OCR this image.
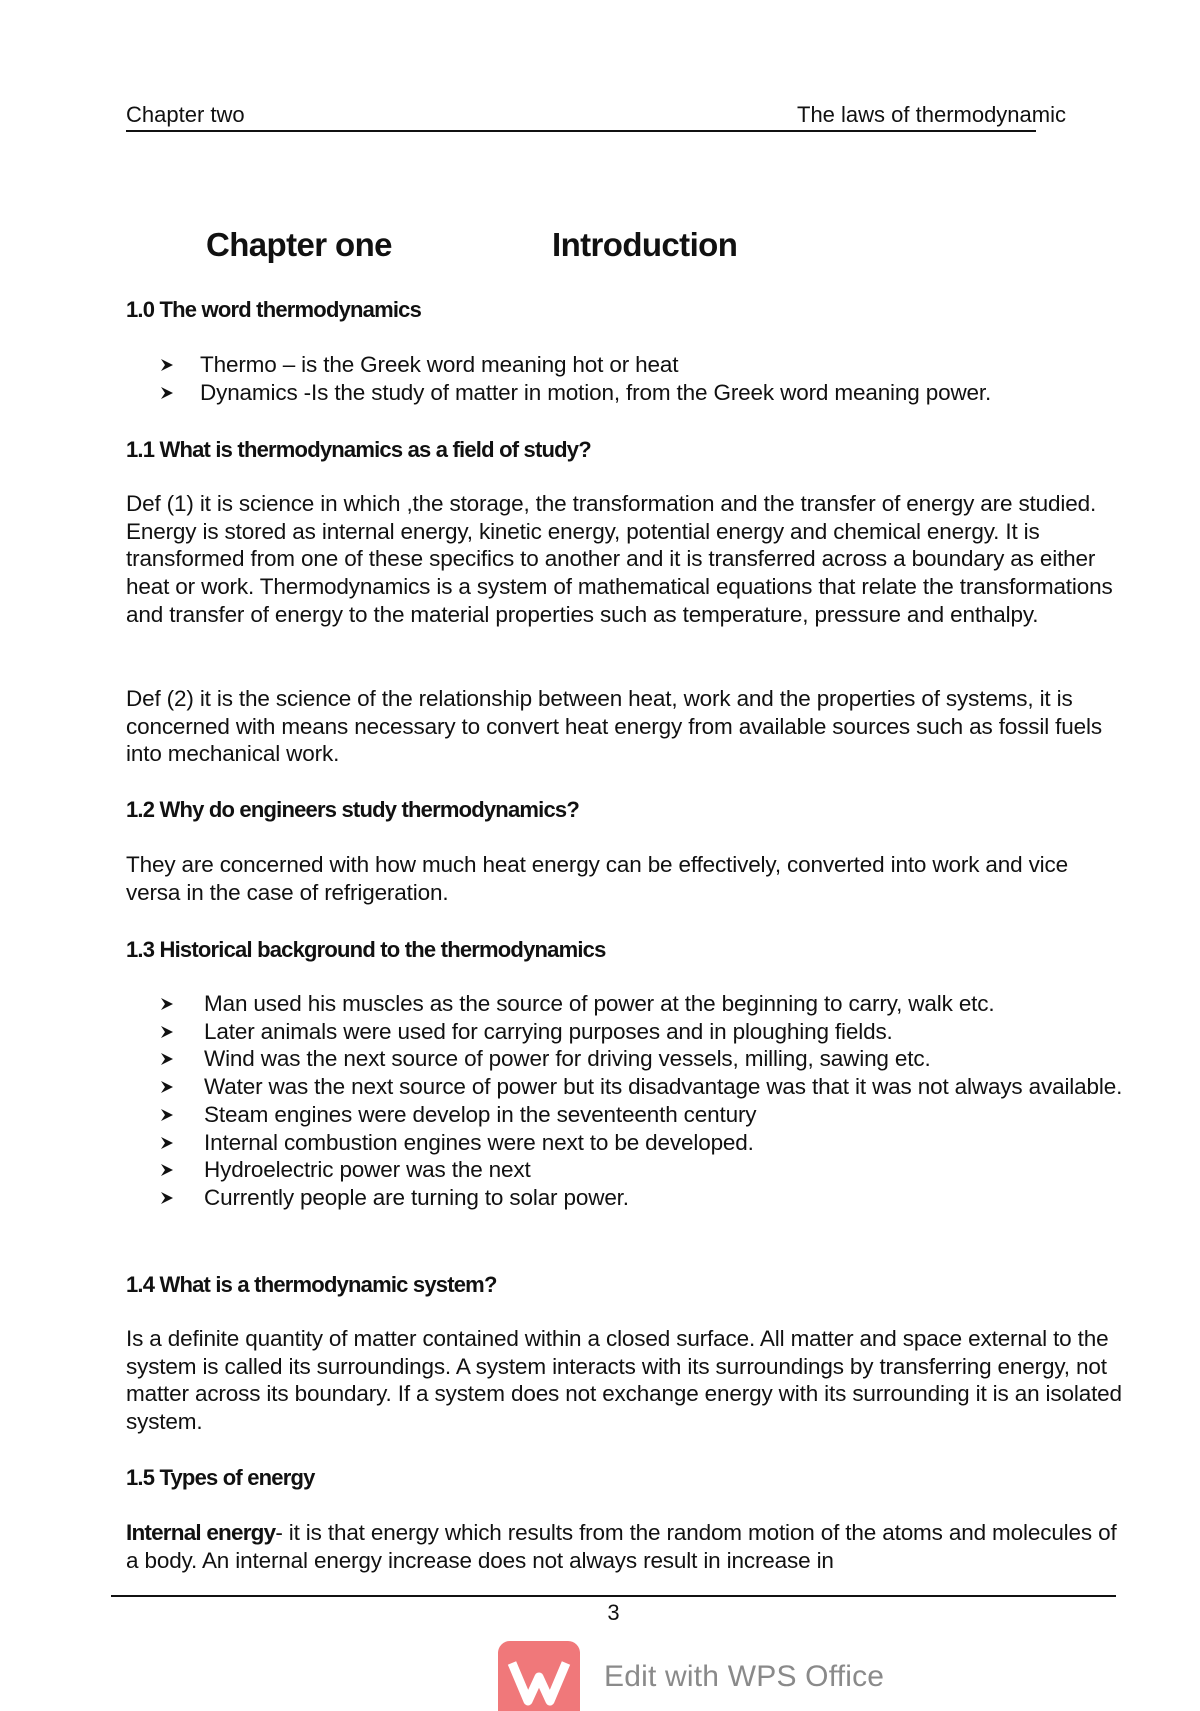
Chapter two	The laws of thermodynamic
Chapter one	Introduction
1.0 The word thermodynamics
Thermo – is the Greek word meaning hot or heat
Dynamics -Is the study of matter in motion, from the Greek word meaning power.
1.1 What is thermodynamics as a field of study?

Def (1) it is science in which ,the storage, the transformation and the transfer of energy are studied. Energy is stored as internal energy, kinetic energy, potential energy and chemical energy. It is transformed from one of these specifics to another and it is transferred across a boundary as either heat or work. Thermodynamics is a system of mathematical equations that relate the transformations and transfer of energy to the material properties such as temperature, pressure and enthalpy.

Def (2) it is the science of the relationship between heat, work and the properties of systems, it is concerned with means necessary to convert heat energy from available sources such as fossil fuels into mechanical work.

1.2 Why do engineers study thermodynamics?

They are concerned with how much heat energy can be effectively, converted into work and vice versa in the case of refrigeration.

1.3 Historical background to the thermodynamics
Man used his muscles as the source of power at the beginning to carry, walk etc.
Later animals were used for carrying purposes and in ploughing fields.
Wind was the next source of power for driving vessels, milling, sawing etc.
Water was the next source of power but its disadvantage was that it was not always available.
Steam engines were develop in the seventeenth century
Internal combustion engines were next to be developed.
Hydroelectric power was the next
Currently people are turning to solar power.
1.4 What is a thermodynamic system?

Is a definite quantity of matter contained within a closed surface. All matter and space external to the system is called its surroundings. A system interacts with its surroundings by transferring energy, not matter across its boundary. If a system does not exchange energy with its surrounding it is an isolated system.

1.5 Types of energy

Internal energy- it is that energy which results from the random motion of the atoms and molecules of a body. An internal energy increase does not always result in increase in

3
Edit with WPS Office
